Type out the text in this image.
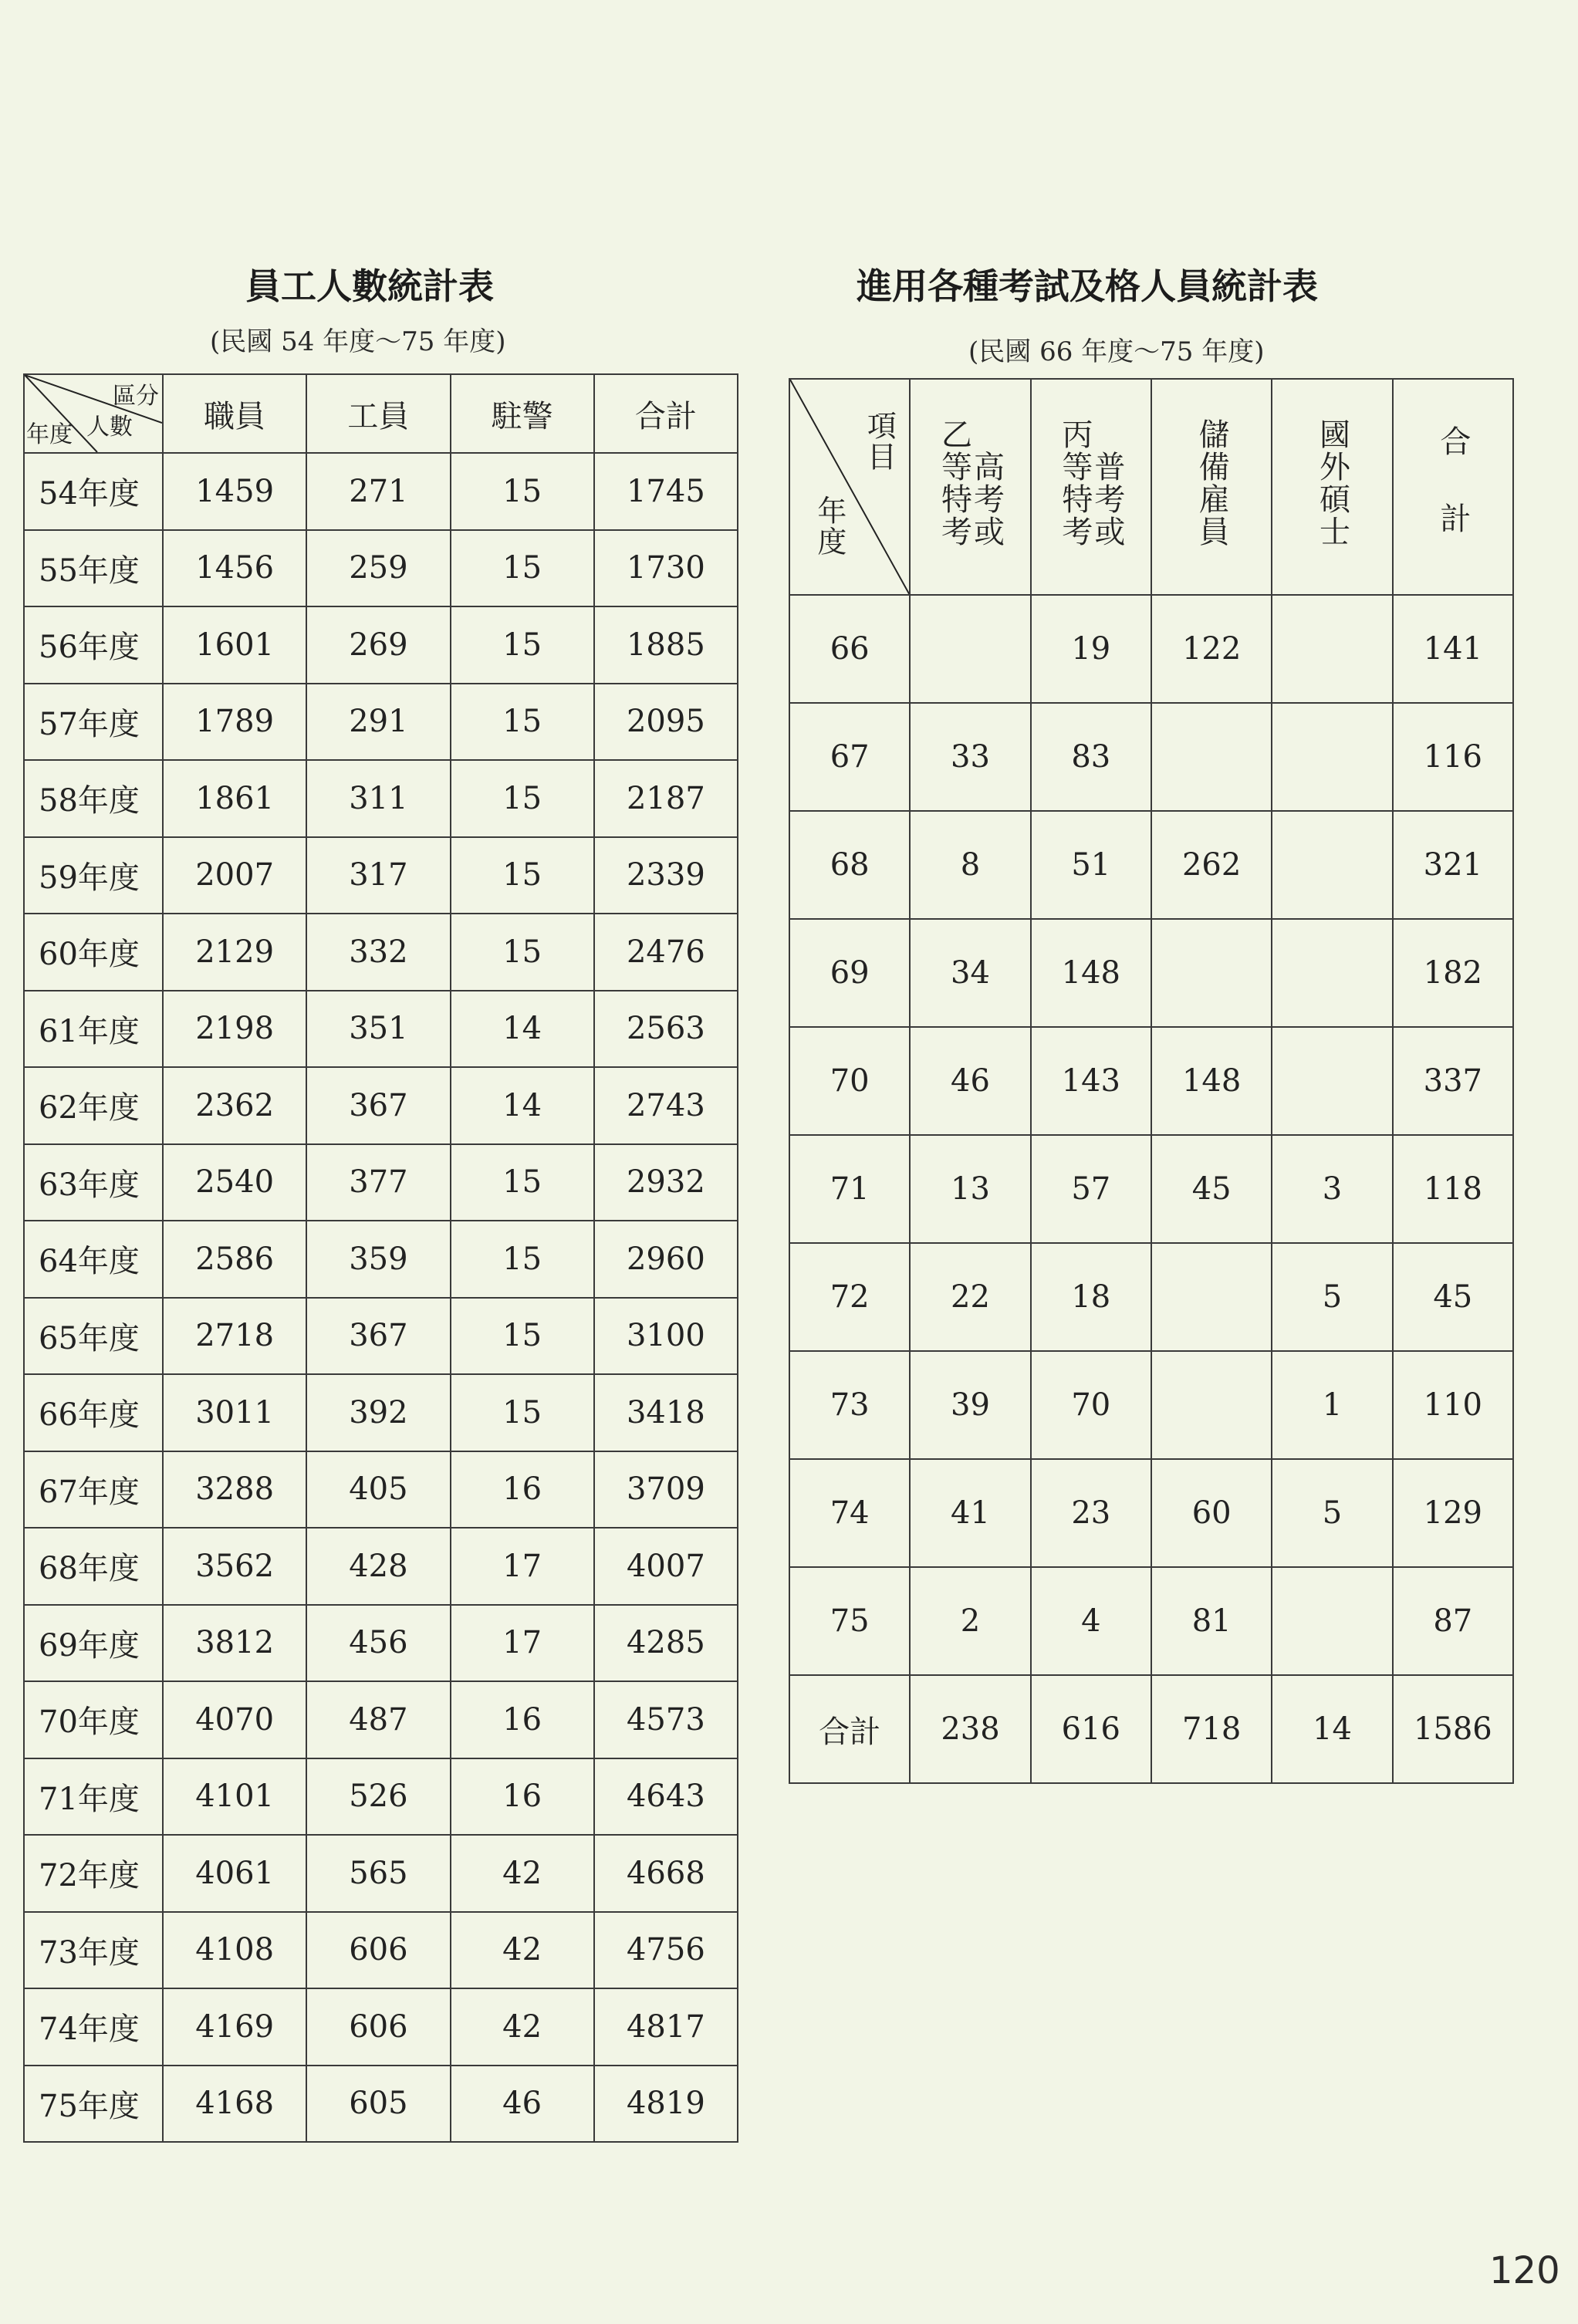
員工人數統計表
(民國 54 年度～75 年度)
進用各種考試及格人員統計表
(民國 66 年度～75 年度)
區分
人數
年度	職員	工員	駐警	合計
54年度	1459	271	15	1745
55年度	1456	259	15	1730
56年度	1601	269	15	1885
57年度	1789	291	15	2095
58年度	1861	311	15	2187
59年度	2007	317	15	2339
60年度	2129	332	15	2476
61年度	2198	351	14	2563
62年度	2362	367	14	2743
63年度	2540	377	15	2932
64年度	2586	359	15	2960
65年度	2718	367	15	3100
66年度	3011	392	15	3418
67年度	3288	405	16	3709
68年度	3562	428	17	4007
69年度	3812	456	17	4285
70年度	4070	487	16	4573
71年度	4101	526	16	4643
72年度	4061	565	42	4668
73年度	4108	606	42	4756
74年度	4169	606	42	4817
75年度	4168	605	46	4819
項目
年度	乙等特考高考或	丙等特考普考或	儲備雇員	國外碩士	合　計
66		19	122		141
67	33	83			116
68	8	51	262		321
69	34	148			182
70	46	143	148		337
71	13	57	45	3	118
72	22	18		5	45
73	39	70		1	110
74	41	23	60	5	129
75	2	4	81		87
合計	238	616	718	14	1586
120
